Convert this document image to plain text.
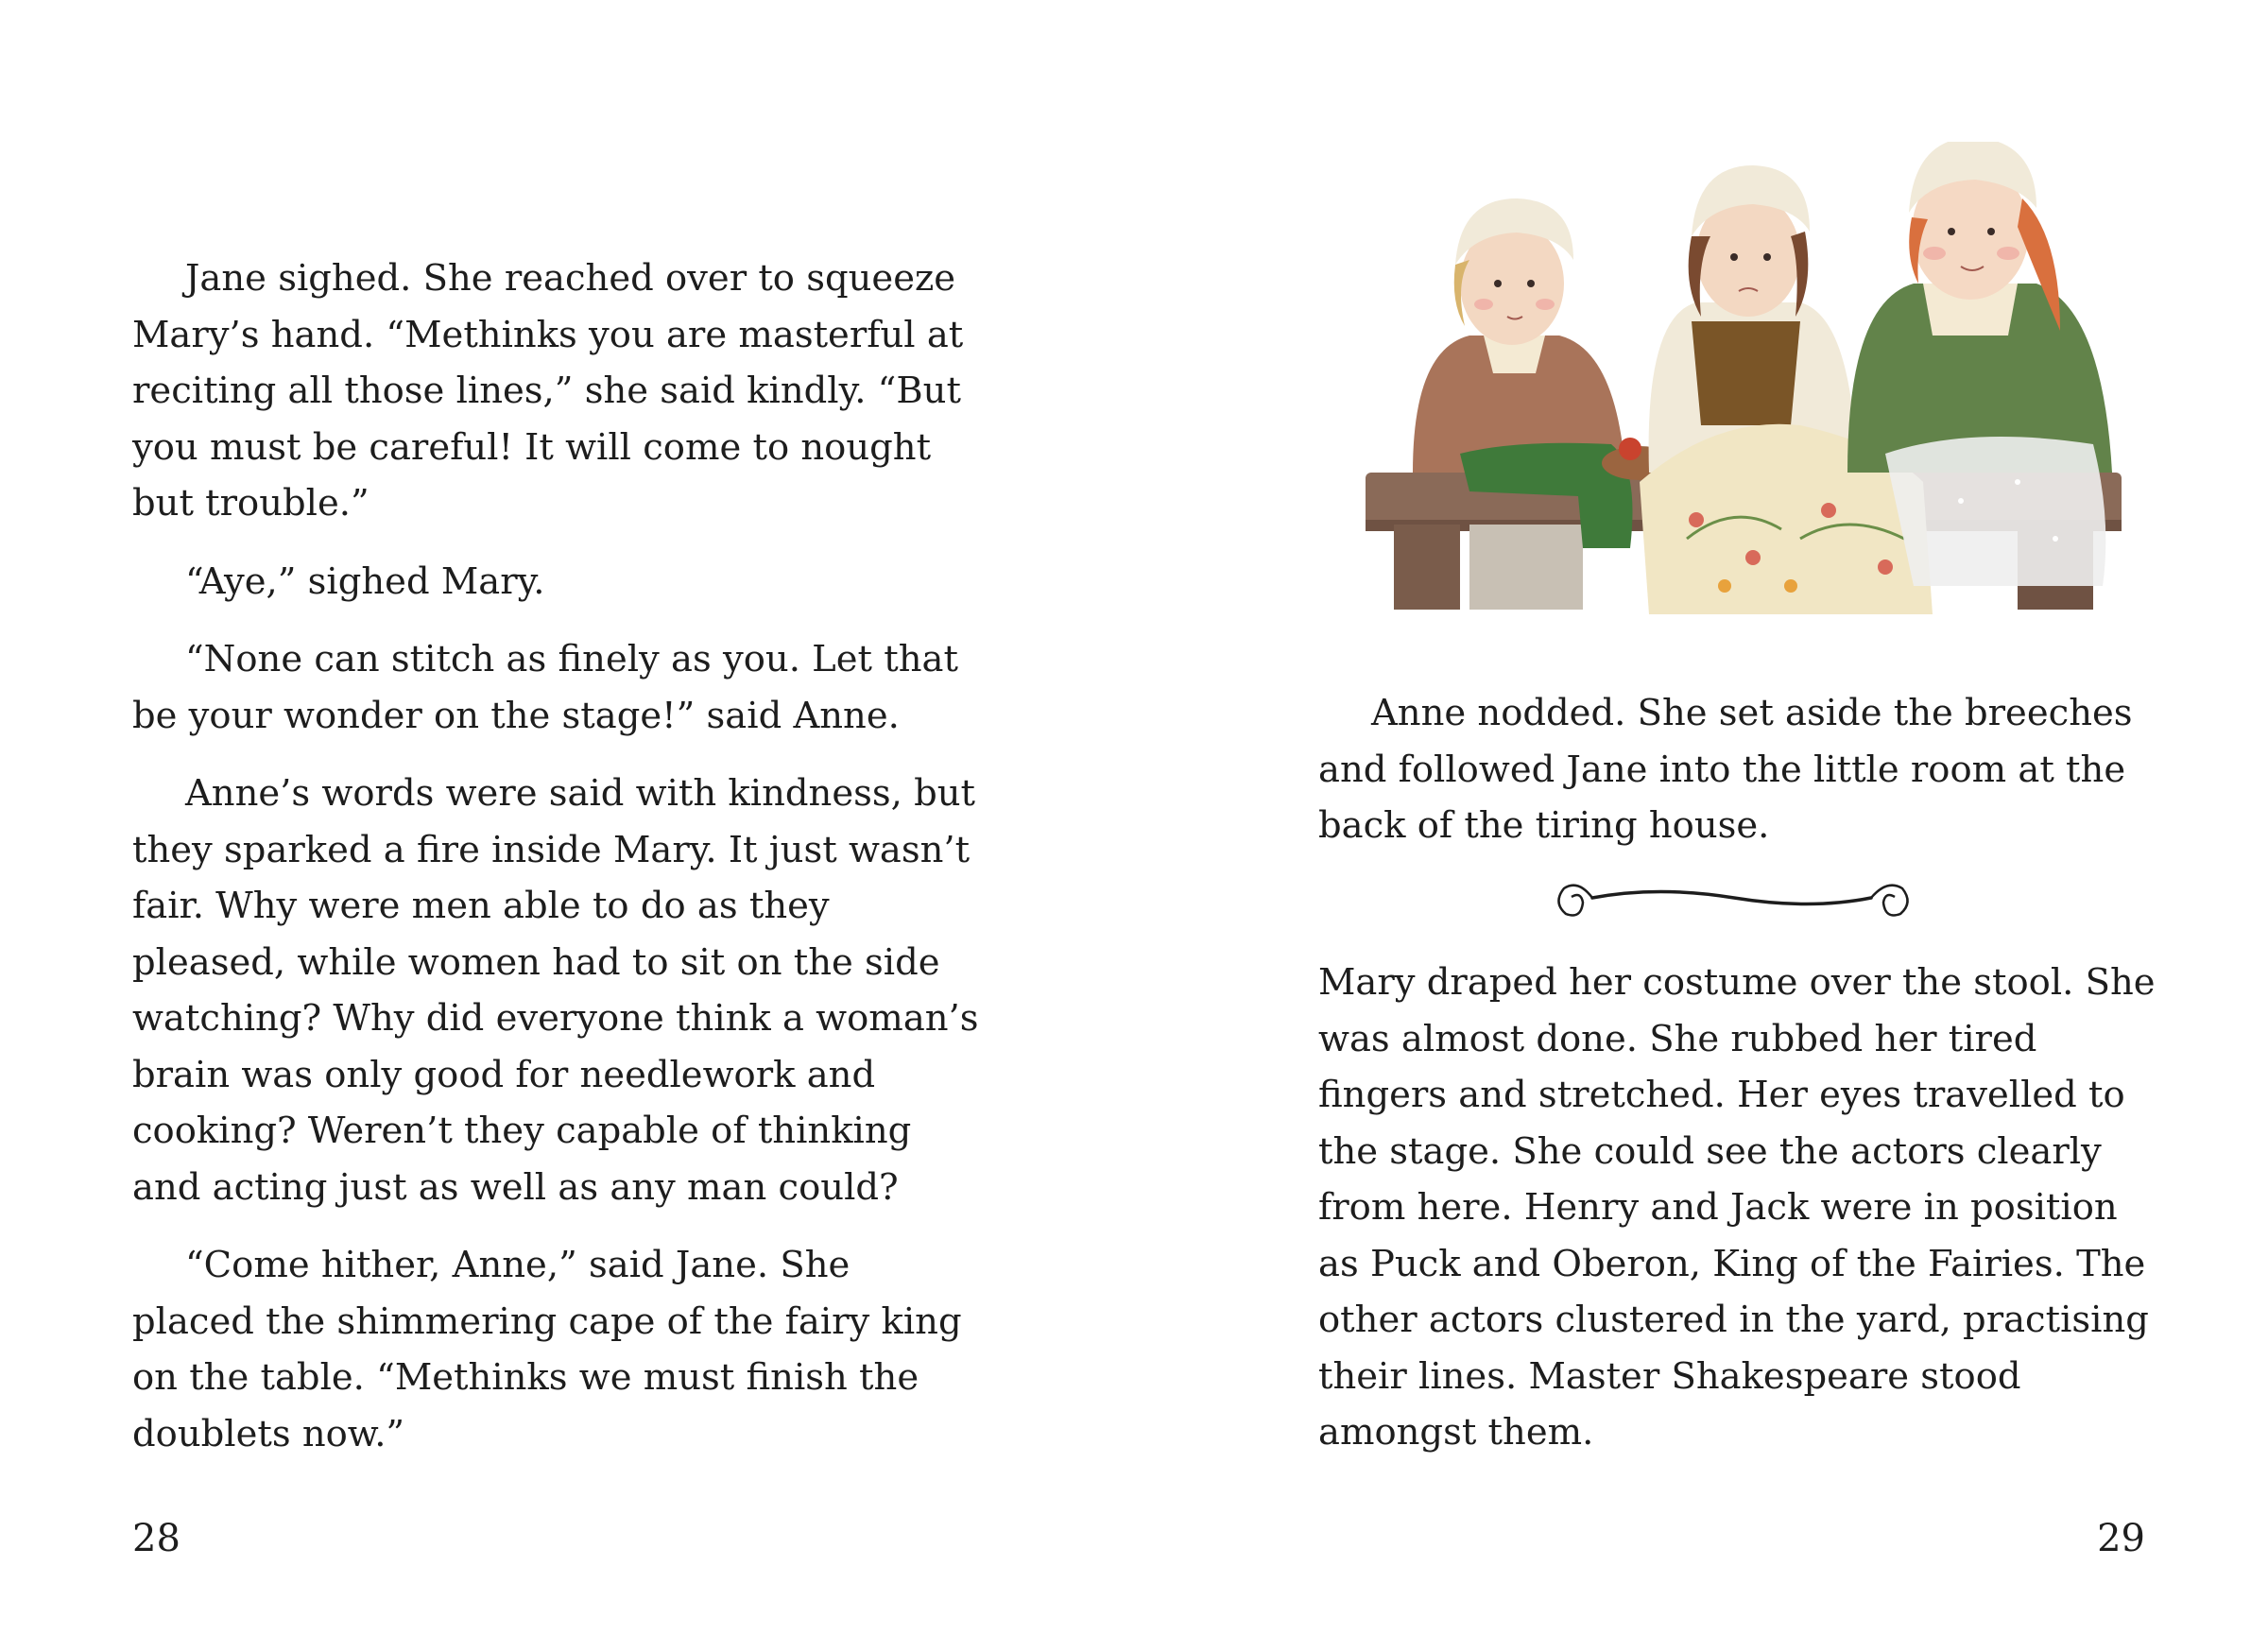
Jane sighed. She reached over to squeeze Mary’s hand. “Methinks you are masterful at reciting all those lines,” she said kindly. “But you must be careful! It will come to nought but trouble.”

“Aye,” sighed Mary.

“None can stitch as finely as you. Let that be your wonder on the stage!” said Anne.

Anne’s words were said with kindness, but they sparked a fire inside Mary. It just wasn’t fair. Why were men able to do as they pleased, while women had to sit on the side watching? Why did everyone think a woman’s brain was only good for needlework and cooking? Weren’t they capable of thinking and acting just as well as any man could?

“Come hither, Anne,” said Jane. She placed the shimmering cape of the fairy king on the table. “Methinks we must finish the doublets now.”

28

Anne nodded. She set aside the breeches and followed Jane into the little room at the back of the tiring house.

Mary draped her costume over the stool. She was almost done. She rubbed her tired fingers and stretched. Her eyes travelled to the stage. She could see the actors clearly from here. Henry and Jack were in position as Puck and Oberon, King of the Fairies. The other actors clustered in the yard, practising their lines. Master Shakespeare stood amongst them.

29
